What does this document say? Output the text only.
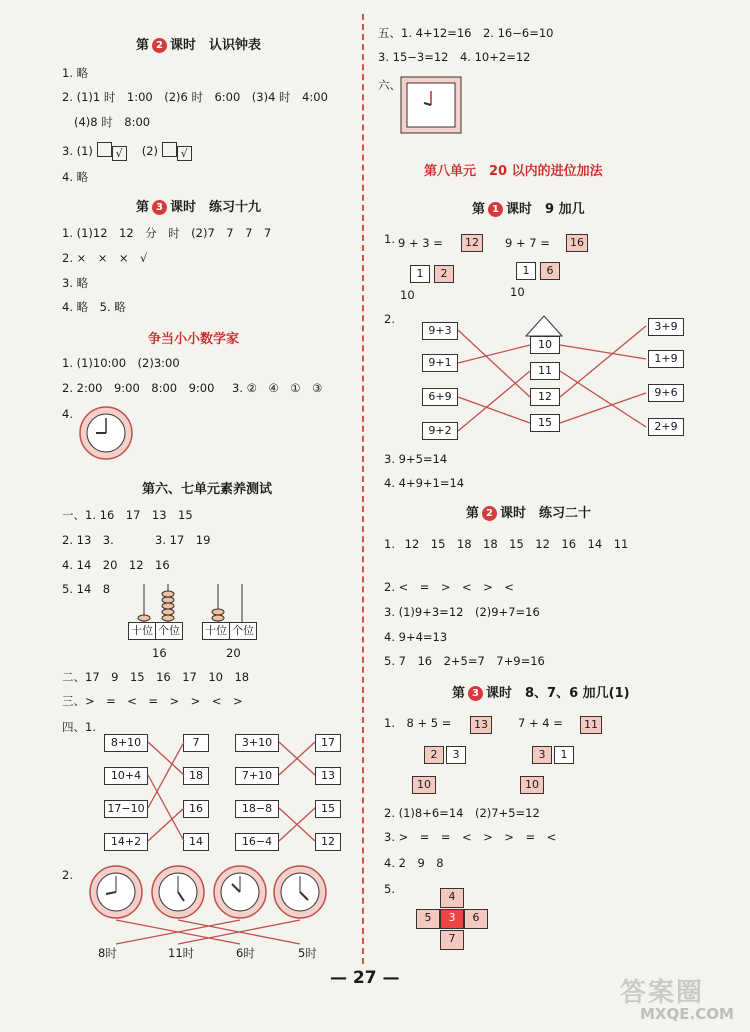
第 2 课时　认识钟表
1. 略
2. (1)1 时　1:00　(2)6 时　6:00　(3)4 时　4:00
(4)8 时　8:00
3. (1) √ 　 (2) √
4. 略
第 3 课时　练习十九
1. (1)12　12　分　时　(2)7　7　7　7
2. ×　×　×　√
3. 略
4. 略　5. 略
争当小小数学家
1. (1)10:00　(2)3:00
2. 2:00　9:00　8:00　9:00 3. ②　④　①　③
4.
第六、七单元素养测试
一、1. 16　17　13　15
2. 13　3.	3. 17　19
4. 14　20　12　16
5. 14　8
十位 个位 十位 个位
16	20
二、17　9　15　16　17　10　18
三、>　=　<　=　>　>　<　>
四、1.
8+10
10+4
17−10
14+2
7
18
16
14
3+10
7+10
18−8
16−4
17
13
15
12
2.
8时	11时	6时	5时
五、1. 4+12=16　2. 16−6=10
3. 15−3=12　4. 10+2=12
六、
第八单元　20 以内的进位加法
第 1 课时　9 加几
1. 9 + 3 =	12	9 + 7 =	16
1	2	1	6
10	10
2.
9+3
9+1
6+9
9+2
10
11
12
15
3+9
1+9
9+6
2+9
3. 9+5=14
4. 4+9+1=14
第 2 课时　练习二十
1. 12　15　18　18　15　12　16　14　11
2. <　=　>　<　>　<
3. (1)9+3=12　(2)9+7=16
4. 9+4=13
5. 7　16　2+5=7　7+9=16
第 3 课时　8、7、6 加几(1)
1.　8 + 5 =	13	7 + 4 =	11
2	3	3	1
10	10
2. (1)8+6=14　(2)7+5=12
3. >　=　=　<　>　>　=　<
4. 2　9　8
5.
4
5	3	6
7
— 27 —	答案圈
MXQE.COM
